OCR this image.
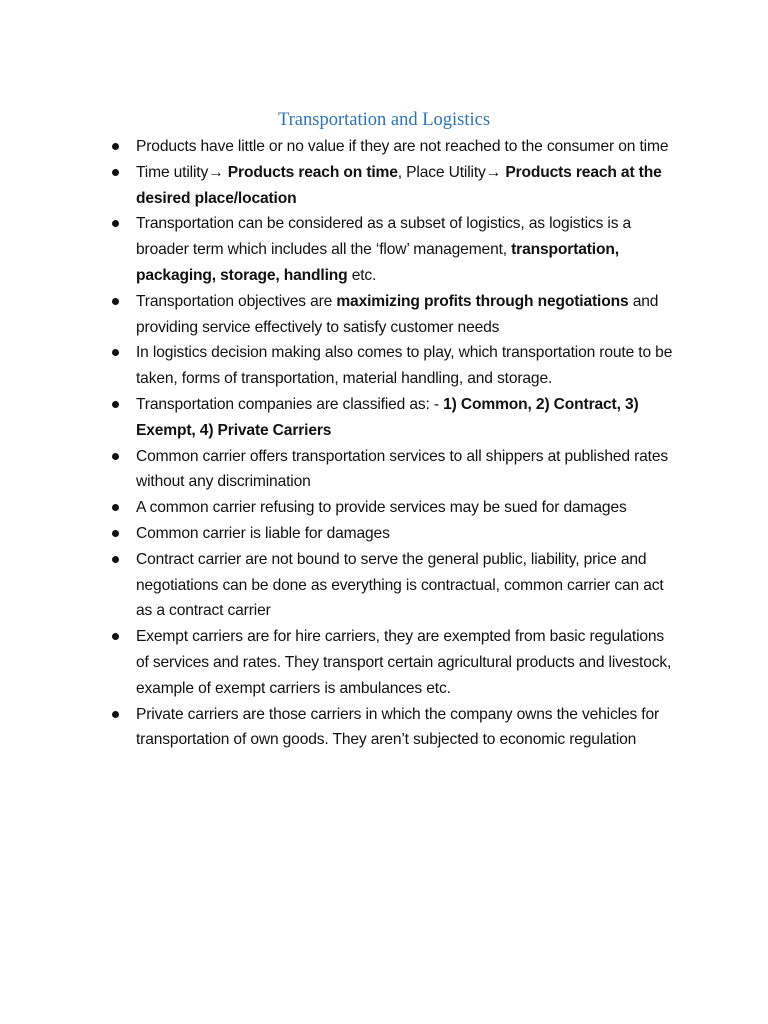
Transportation and Logistics
Products have little or no value if they are not reached to the consumer on time
Time utility→ Products reach on time, Place Utility→ Products reach at the desired place/location
Transportation can be considered as a subset of logistics, as logistics is a broader term which includes all the ‘flow’ management, transportation, packaging, storage, handling etc.
Transportation objectives are maximizing profits through negotiations and providing service effectively to satisfy customer needs
In logistics decision making also comes to play, which transportation route to be taken, forms of transportation, material handling, and storage.
Transportation companies are classified as: - 1) Common, 2) Contract, 3) Exempt, 4) Private Carriers
Common carrier offers transportation services to all shippers at published rates without any discrimination
A common carrier refusing to provide services may be sued for damages
Common carrier is liable for damages
Contract carrier are not bound to serve the general public, liability, price and negotiations can be done as everything is contractual, common carrier can act as a contract carrier
Exempt carriers are for hire carriers, they are exempted from basic regulations of services and rates. They transport certain agricultural products and livestock, example of exempt carriers is ambulances etc.
Private carriers are those carriers in which the company owns the vehicles for transportation of own goods. They aren’t subjected to economic regulation
